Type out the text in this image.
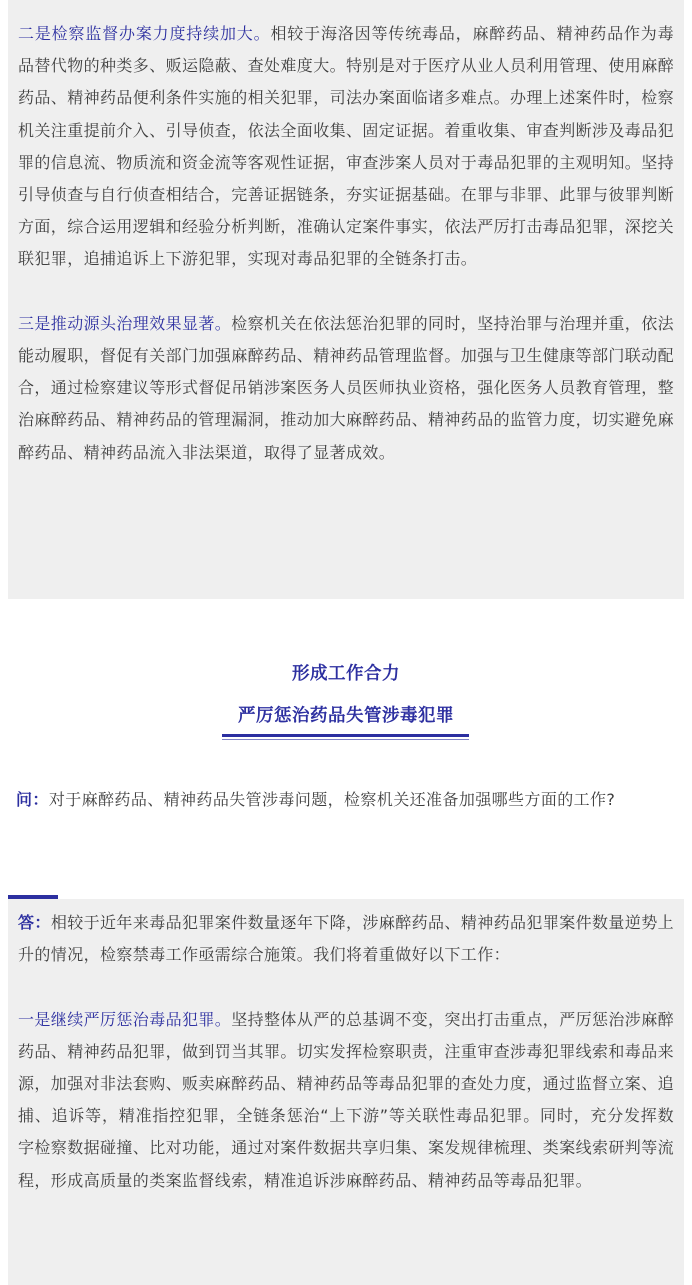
二是检察监督办案力度持续加大。相较于海洛因等传统毒品，麻醉药品、精神药品作为毒品替代物的种类多、贩运隐蔽、查处难度大。特别是对于医疗从业人员利用管理、使用麻醉药品、精神药品便利条件实施的相关犯罪，司法办案面临诸多难点。办理上述案件时，检察机关注重提前介入、引导侦查，依法全面收集、固定证据。着重收集、审查判断涉及毒品犯罪的信息流、物质流和资金流等客观性证据，审查涉案人员对于毒品犯罪的主观明知。坚持引导侦查与自行侦查相结合，完善证据链条，夯实证据基础。在罪与非罪、此罪与彼罪判断方面，综合运用逻辑和经验分析判断，准确认定案件事实，依法严厉打击毒品犯罪，深挖关联犯罪，追捕追诉上下游犯罪，实现对毒品犯罪的全链条打击。

三是推动源头治理效果显著。检察机关在依法惩治犯罪的同时，坚持治罪与治理并重，依法能动履职，督促有关部门加强麻醉药品、精神药品管理监督。加强与卫生健康等部门联动配合，通过检察建议等形式督促吊销涉案医务人员医师执业资格，强化医务人员教育管理，整治麻醉药品、精神药品的管理漏洞，推动加大麻醉药品、精神药品的监管力度，切实避免麻醉药品、精神药品流入非法渠道，取得了显著成效。

形成工作合力
严厉惩治药品失管涉毒犯罪

问：对于麻醉药品、精神药品失管涉毒问题，检察机关还准备加强哪些方面的工作?

答：相较于近年来毒品犯罪案件数量逐年下降，涉麻醉药品、精神药品犯罪案件数量逆势上升的情况，检察禁毒工作亟需综合施策。我们将着重做好以下工作：

一是继续严厉惩治毒品犯罪。坚持整体从严的总基调不变，突出打击重点，严厉惩治涉麻醉药品、精神药品犯罪，做到罚当其罪。切实发挥检察职责，注重审查涉毒犯罪线索和毒品来源，加强对非法套购、贩卖麻醉药品、精神药品等毒品犯罪的查处力度，通过监督立案、追捕、追诉等，精准指控犯罪，全链条惩治“上下游”等关联性毒品犯罪。同时，充分发挥数字检察数据碰撞、比对功能，通过对案件数据共享归集、案发规律梳理、类案线索研判等流程，形成高质量的类案监督线索，精准追诉涉麻醉药品、精神药品等毒品犯罪。
